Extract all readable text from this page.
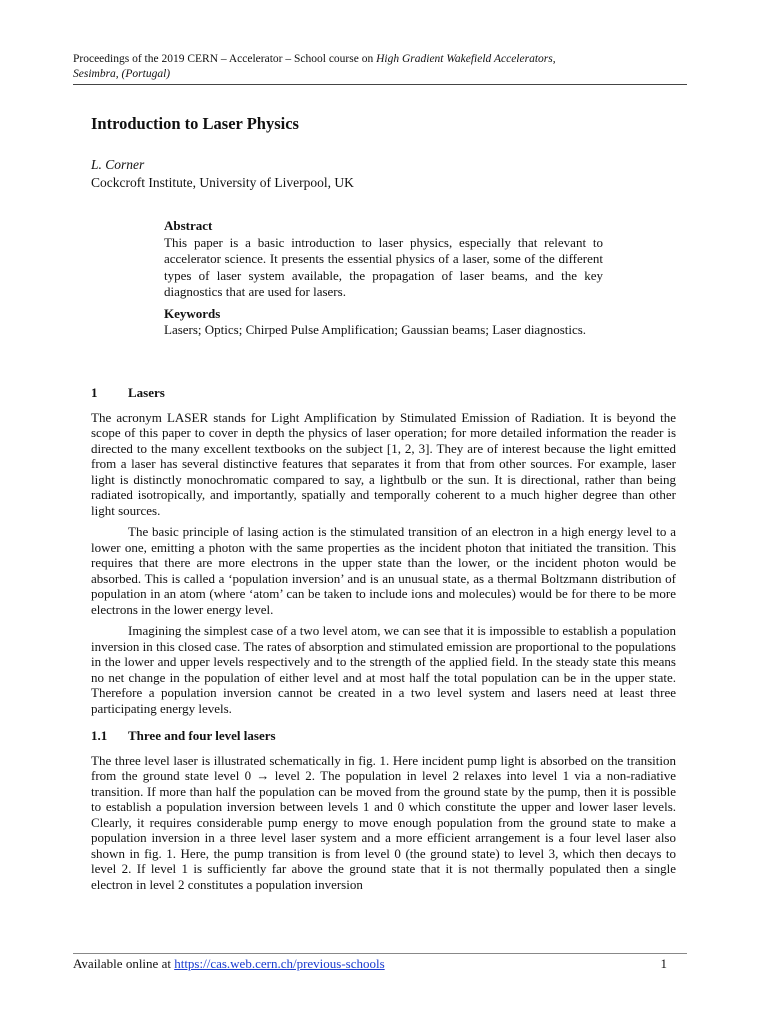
Proceedings of the 2019 CERN – Accelerator – School course on High Gradient Wakefield Accelerators,
Sesimbra, (Portugal)
Introduction to Laser Physics
L. Corner
Cockcroft Institute, University of Liverpool, UK
Abstract

This paper is a basic introduction to laser physics, especially that relevant to accelerator science. It presents the essential physics of a laser, some of the different types of laser system available, the propagation of laser beams, and the key diagnostics that are used for lasers.

Keywords

Lasers; Optics; Chirped Pulse Amplification; Gaussian beams; Laser diagnostics.

1	Lasers

The acronym LASER stands for Light Amplification by Stimulated Emission of Radiation. It is beyond the scope of this paper to cover in depth the physics of laser operation; for more detailed information the reader is directed to the many excellent textbooks on the subject [1, 2, 3]. They are of interest because the light emitted from a laser has several distinctive features that separates it from that from other sources. For example, laser light is distinctly monochromatic compared to say, a lightbulb or the sun. It is directional, rather than being radiated isotropically, and importantly, spatially and temporally coherent to a much higher degree than other light sources.

The basic principle of lasing action is the stimulated transition of an electron in a high energy level to a lower one, emitting a photon with the same properties as the incident photon that initiated the transition. This requires that there are more electrons in the upper state than the lower, or the incident photon would be absorbed. This is called a ‘population inversion’ and is an unusual state, as a thermal Boltzmann distribution of population in an atom (where ‘atom’ can be taken to include ions and molecules) would be for there to be more electrons in the lower energy level.

Imagining the simplest case of a two level atom, we can see that it is impossible to establish a population inversion in this closed case. The rates of absorption and stimulated emission are proportional to the populations in the lower and upper levels respectively and to the strength of the applied field. In the steady state this means no net change in the population of either level and at most half the total population can be in the upper state. Therefore a population inversion cannot be created in a two level system and lasers need at least three participating energy levels.

1.1	Three and four level lasers

The three level laser is illustrated schematically in fig. 1. Here incident pump light is absorbed on the transition from the ground state level 0 → level 2. The population in level 2 relaxes into level 1 via a non-radiative transition. If more than half the population can be moved from the ground state by the pump, then it is possible to establish a population inversion between levels 1 and 0 which constitute the upper and lower laser levels. Clearly, it requires considerable pump energy to move enough population from the ground state to make a population inversion in a three level laser system and a more efficient arrangement is a four level laser also shown in fig. 1. Here, the pump transition is from level 0 (the ground state) to level 3, which then decays to level 2. If level 1 is sufficiently far above the ground state that it is not thermally populated then a single electron in level 2 constitutes a population inversion

Available online at https://cas.web.cern.ch/previous-schools	1
